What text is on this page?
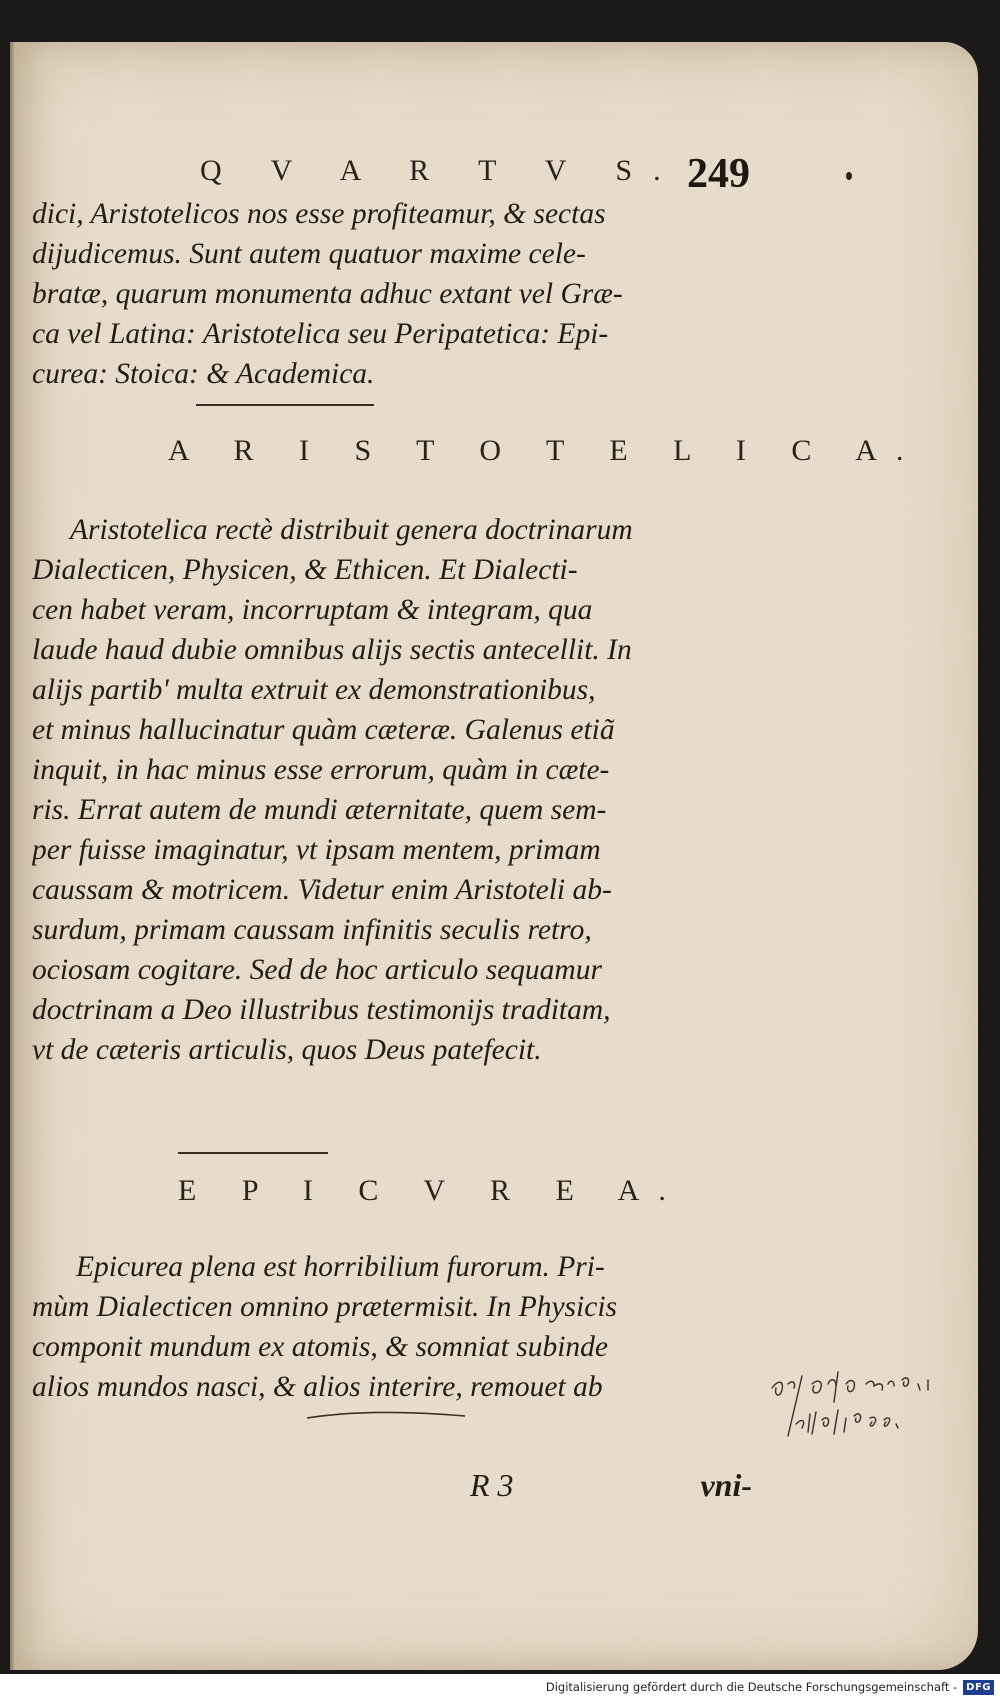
Q V A R T V S. 249
dici, Aristotelicos nos esse profiteamur, & sectas
dijudicemus. Sunt autem quatuor maxime cele-
bratæ, quarum monumenta adhuc extant vel Græ-
ca vel Latina: Aristotelica seu Peripatetica: Epi-
curea: Stoica: & Academica.
A R I S T O T E L I C A.
Aristotelica rectè distribuit genera doctrinarum
Dialecticen, Physicen, & Ethicen. Et Dialecti-
cen habet veram, incorruptam & integram, qua
laude haud dubie omnibus alijs sectis antecellit. In
alijs partib' multa extruit ex demonstrationibus,
et minus hallucinatur quàm cæteræ. Galenus etiã
inquit, in hac minus esse errorum, quàm in cæte-
ris. Errat autem de mundi æternitate, quem sem-
per fuisse imaginatur, vt ipsam mentem, primam
caussam & motricem. Videtur enim Aristoteli ab-
surdum, primam caussam infinitis seculis retro,
ociosam cogitare. Sed de hoc articulo sequamur
doctrinam a Deo illustribus testimonijs traditam,
vt de cæteris articulis, quos Deus patefecit.
E P I C V R E A.
Epicurea plena est horribilium furorum. Pri-
mùm Dialecticen omnino prætermisit. In Physicis
componit mundum ex atomis, & somniat subinde
alios mundos nasci, & alios interire, remouet ab
R 3	vni-
Digitalisierung gefördert durch die Deutsche Forschungsgemeinschaft - DFG
